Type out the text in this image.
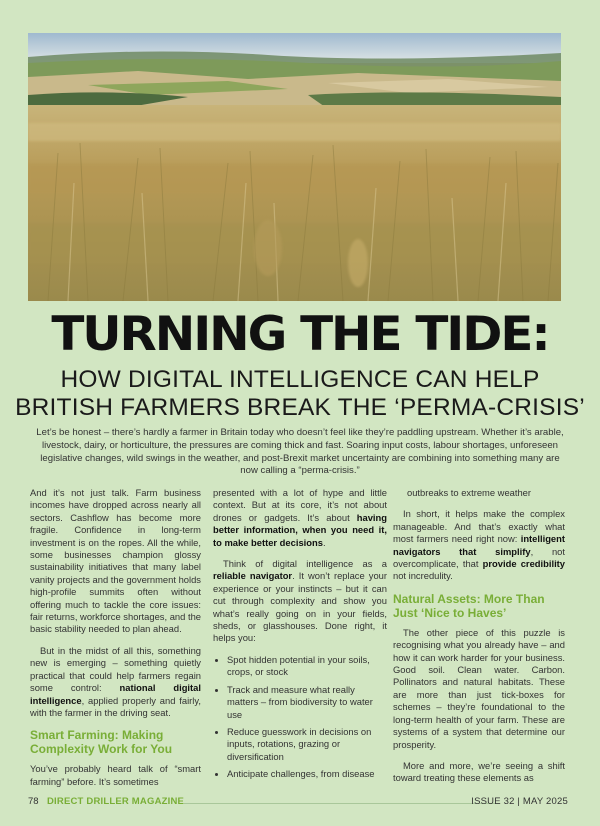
TURNING THE TIDE:
HOW DIGITAL INTELLIGENCE CAN HELP
BRITISH FARMERS BREAK THE ‘PERMA-CRISIS’

Let’s be honest – there’s hardly a farmer in Britain today who doesn’t feel like they’re paddling upstream. Whether it’s arable, livestock, dairy, or horticulture, the pressures are coming thick and fast. Soaring input costs, labour shortages, unforeseen legislative changes, wild swings in the weather, and post-Brexit market uncertainty are combining into something many are now calling a “perma-crisis.”

And it’s not just talk. Farm business incomes have dropped across nearly all sectors. Cashflow has become more fragile. Confidence in long-term investment is on the ropes. All the while, some businesses champion glossy sustainability initiatives that many label vanity projects and the government holds high-profile summits often without offering much to tackle the core issues: fair returns, workforce shortages, and the basic stability needed to plan ahead.

But in the midst of all this, something new is emerging – something quietly practical that could help farmers regain some control: national digital intelligence, applied properly and fairly, with the farmer in the driving seat.

Smart Farming: Making Complexity Work for You

You’ve probably heard talk of “smart farming” before. It’s sometimes

presented with a lot of hype and little context. But at its core, it’s not about drones or gadgets. It’s about having better information, when you need it, to make better decisions.

Think of digital intelligence as a reliable navigator. It won’t replace your experience or your instincts – but it can cut through complexity and show you what’s really going on in your fields, sheds, or glasshouses. Done right, it helps you:

• Spot hidden potential in your soils, crops, or stock
• Track and measure what really matters – from biodiversity to water use
• Reduce guesswork in decisions on inputs, rotations, grazing or diversification
• Anticipate challenges, from disease

outbreaks to extreme weather

In short, it helps make the complex manageable. And that’s exactly what most farmers need right now: intelligent navigators that simplify, not overcomplicate, that provide credibility not incredulity.

Natural Assets: More Than Just ‘Nice to Haves’

The other piece of this puzzle is recognising what you already have – and how it can work harder for your business. Good soil. Clean water. Carbon. Pollinators and natural habitats. These are more than just tick-boxes for schemes – they’re foundational to the long-term health of your farm. These are systems of a system that determine our prosperity.

More and more, we’re seeing a shift toward treating these elements as

78 DIRECT DRILLER MAGAZINE	ISSUE 32 | MAY 2025
